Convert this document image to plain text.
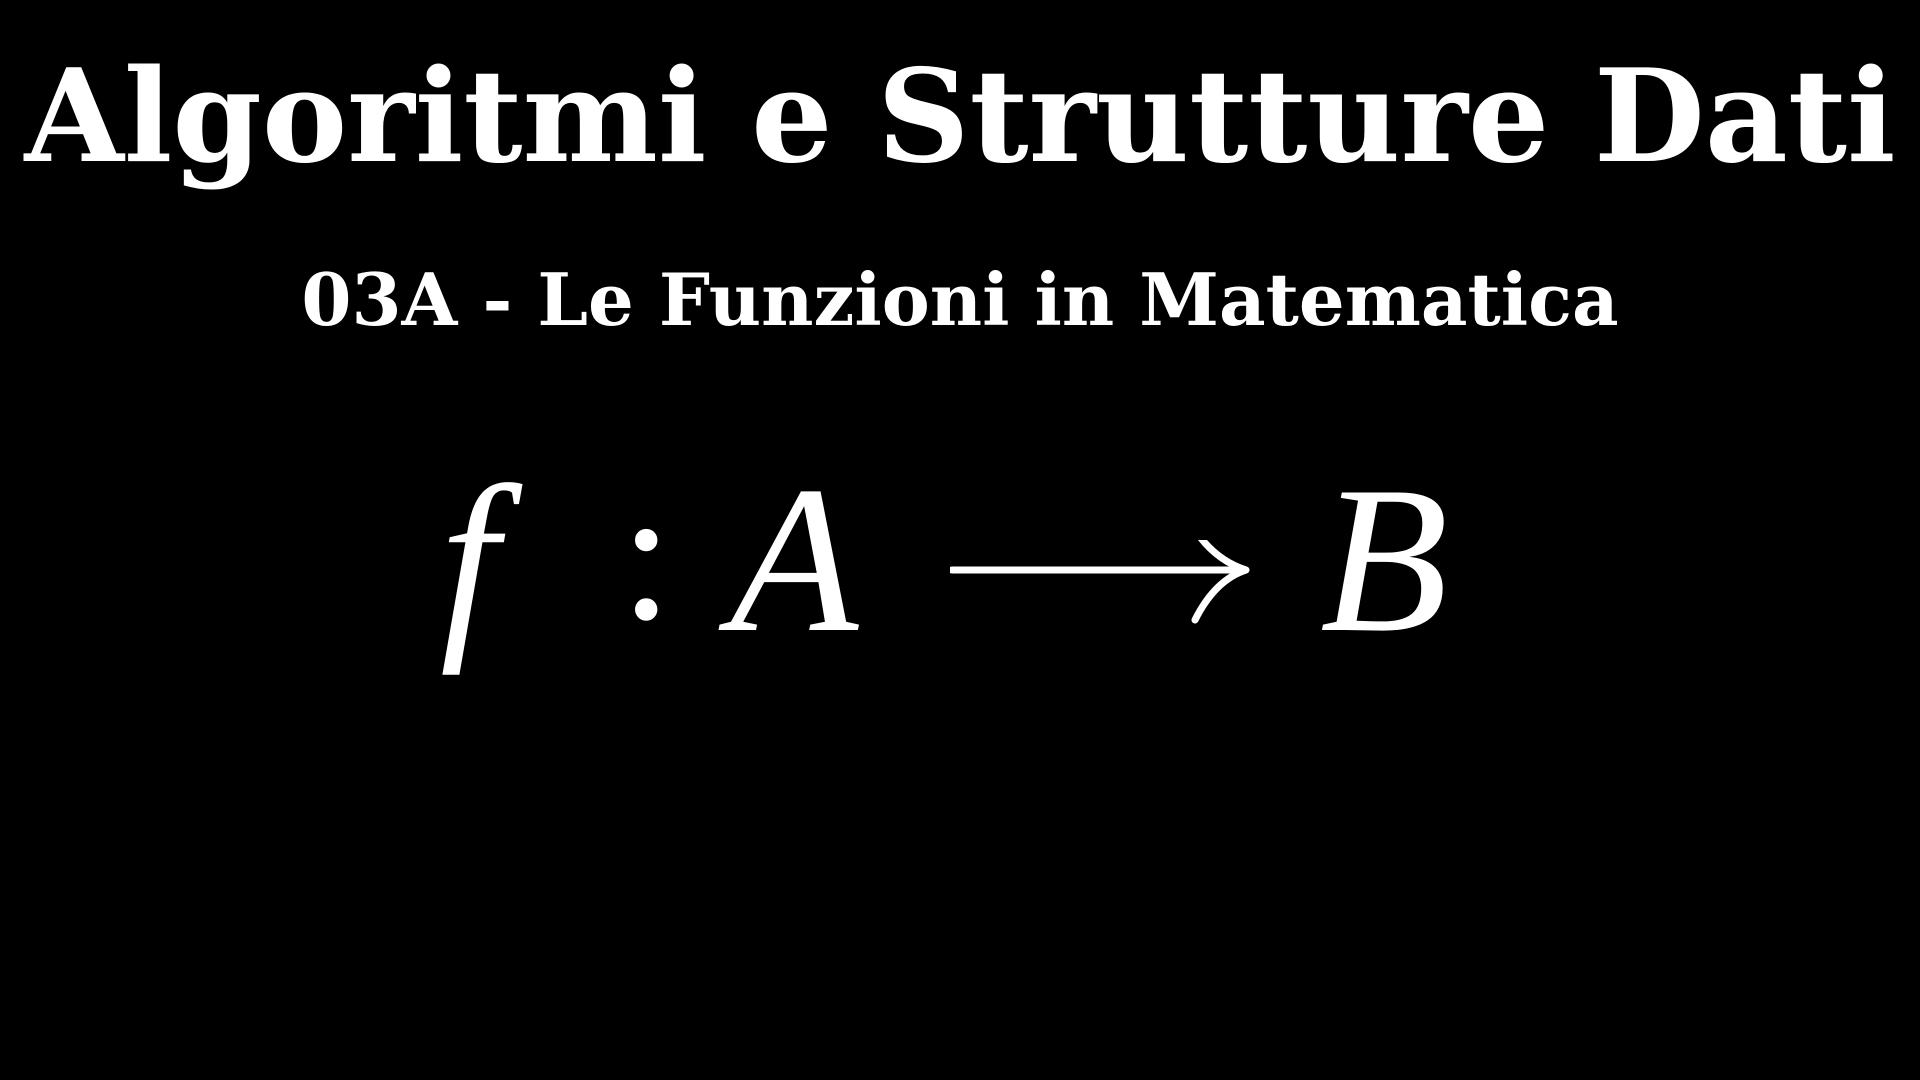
Algoritmi e Strutture Dati
03A - Le Funzioni in Matematica
f : A B
